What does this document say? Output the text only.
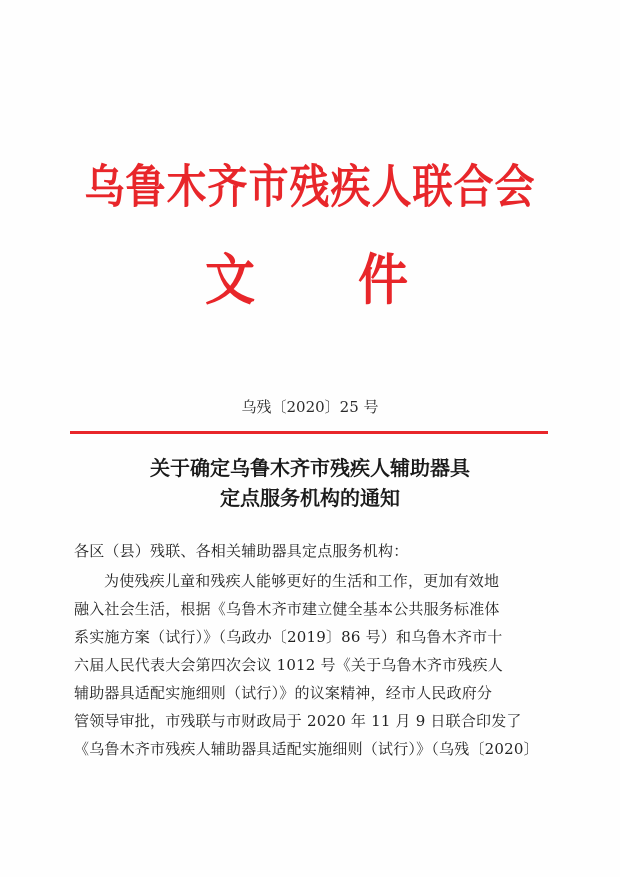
乌鲁木齐市残疾人联合会
文 件
乌残〔2020〕25 号
关于确定乌鲁木齐市残疾人辅助器具
定点服务机构的通知
各区（县）残联、各相关辅助器具定点服务机构：
为使残疾儿童和残疾人能够更好的生活和工作，更加有效地
融入社会生活，根据《乌鲁木齐市建立健全基本公共服务标准体
系实施方案（试行）》（乌政办〔2019〕86 号）和乌鲁木齐市十
六届人民代表大会第四次会议 1012 号《关于乌鲁木齐市残疾人
辅助器具适配实施细则（试行）》的议案精神，经市人民政府分
管领导审批，市残联与市财政局于 2020 年 11 月 9 日联合印发了
《乌鲁木齐市残疾人辅助器具适配实施细则（试行）》（乌残〔2020〕
